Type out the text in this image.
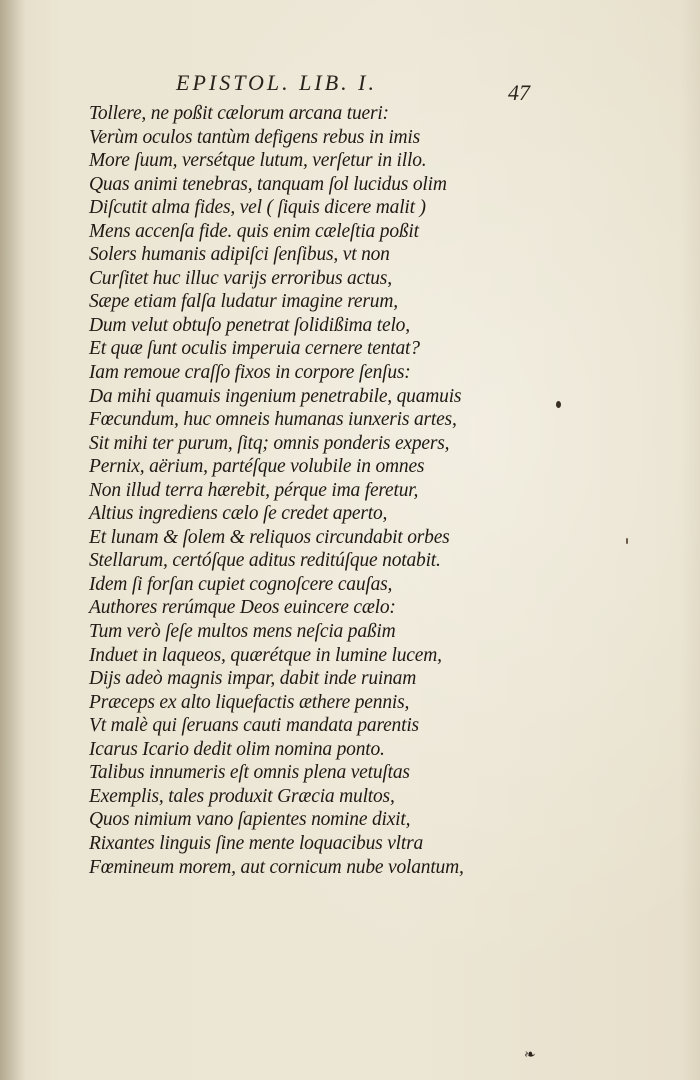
EPISTOL. LIB. I.	47
Tollere, ne poßit cælorum arcana tueri:
Verùm oculos tantùm defigens rebus in imis
More ſuum, versétque lutum, verſetur in illo.
Quas animi tenebras, tanquam ſol lucidus olim
Diſcutit alma fides, vel ( ſiquis dicere malit )
Mens accenſa fide. quis enim cæleſtia poßit
Solers humanis adipiſci ſenſibus, vt non
Curſitet huc illuc varijs erroribus actus,
Sæpe etiam falſa ludatur imagine rerum,
Dum velut obtuſo penetrat ſolidißima telo,
Et quæ ſunt oculis imperuia cernere tentat?
Iam remoue craſſo fixos in corpore ſenſus:
Da mihi quamuis ingenium penetrabile, quamuis
Fœcundum, huc omneis humanas iunxeris artes,
Sit mihi ter purum, ſitq; omnis ponderis expers,
Pernix, aërium, partéſque volubile in omnes
Non illud terra hærebit, pérque ima feretur,
Altius ingrediens cælo ſe credet aperto,
Et lunam & ſolem & reliquos circundabit orbes
Stellarum, certóſque aditus reditúſque notabit.
Idem ſi forſan cupiet cognoſcere cauſas,
Authores rerúmque Deos euincere cælo:
Tum verò ſeſe multos mens neſcia paßim
Induet in laqueos, quærétque in lumine lucem,
Dijs adeò magnis impar, dabit inde ruinam
Præceps ex alto liquefactis æthere pennis,
Vt malè qui ſeruans cauti mandata parentis
Icarus Icario dedit olim nomina ponto.
Talibus innumeris eſt omnis plena vetuſtas
Exemplis, tales produxit Græcia multos,
Quos nimium vano ſapientes nomine dixit,
Rixantes linguis ſine mente loquacibus vltra
Fœmineum morem, aut cornicum nube volantum,
❧
